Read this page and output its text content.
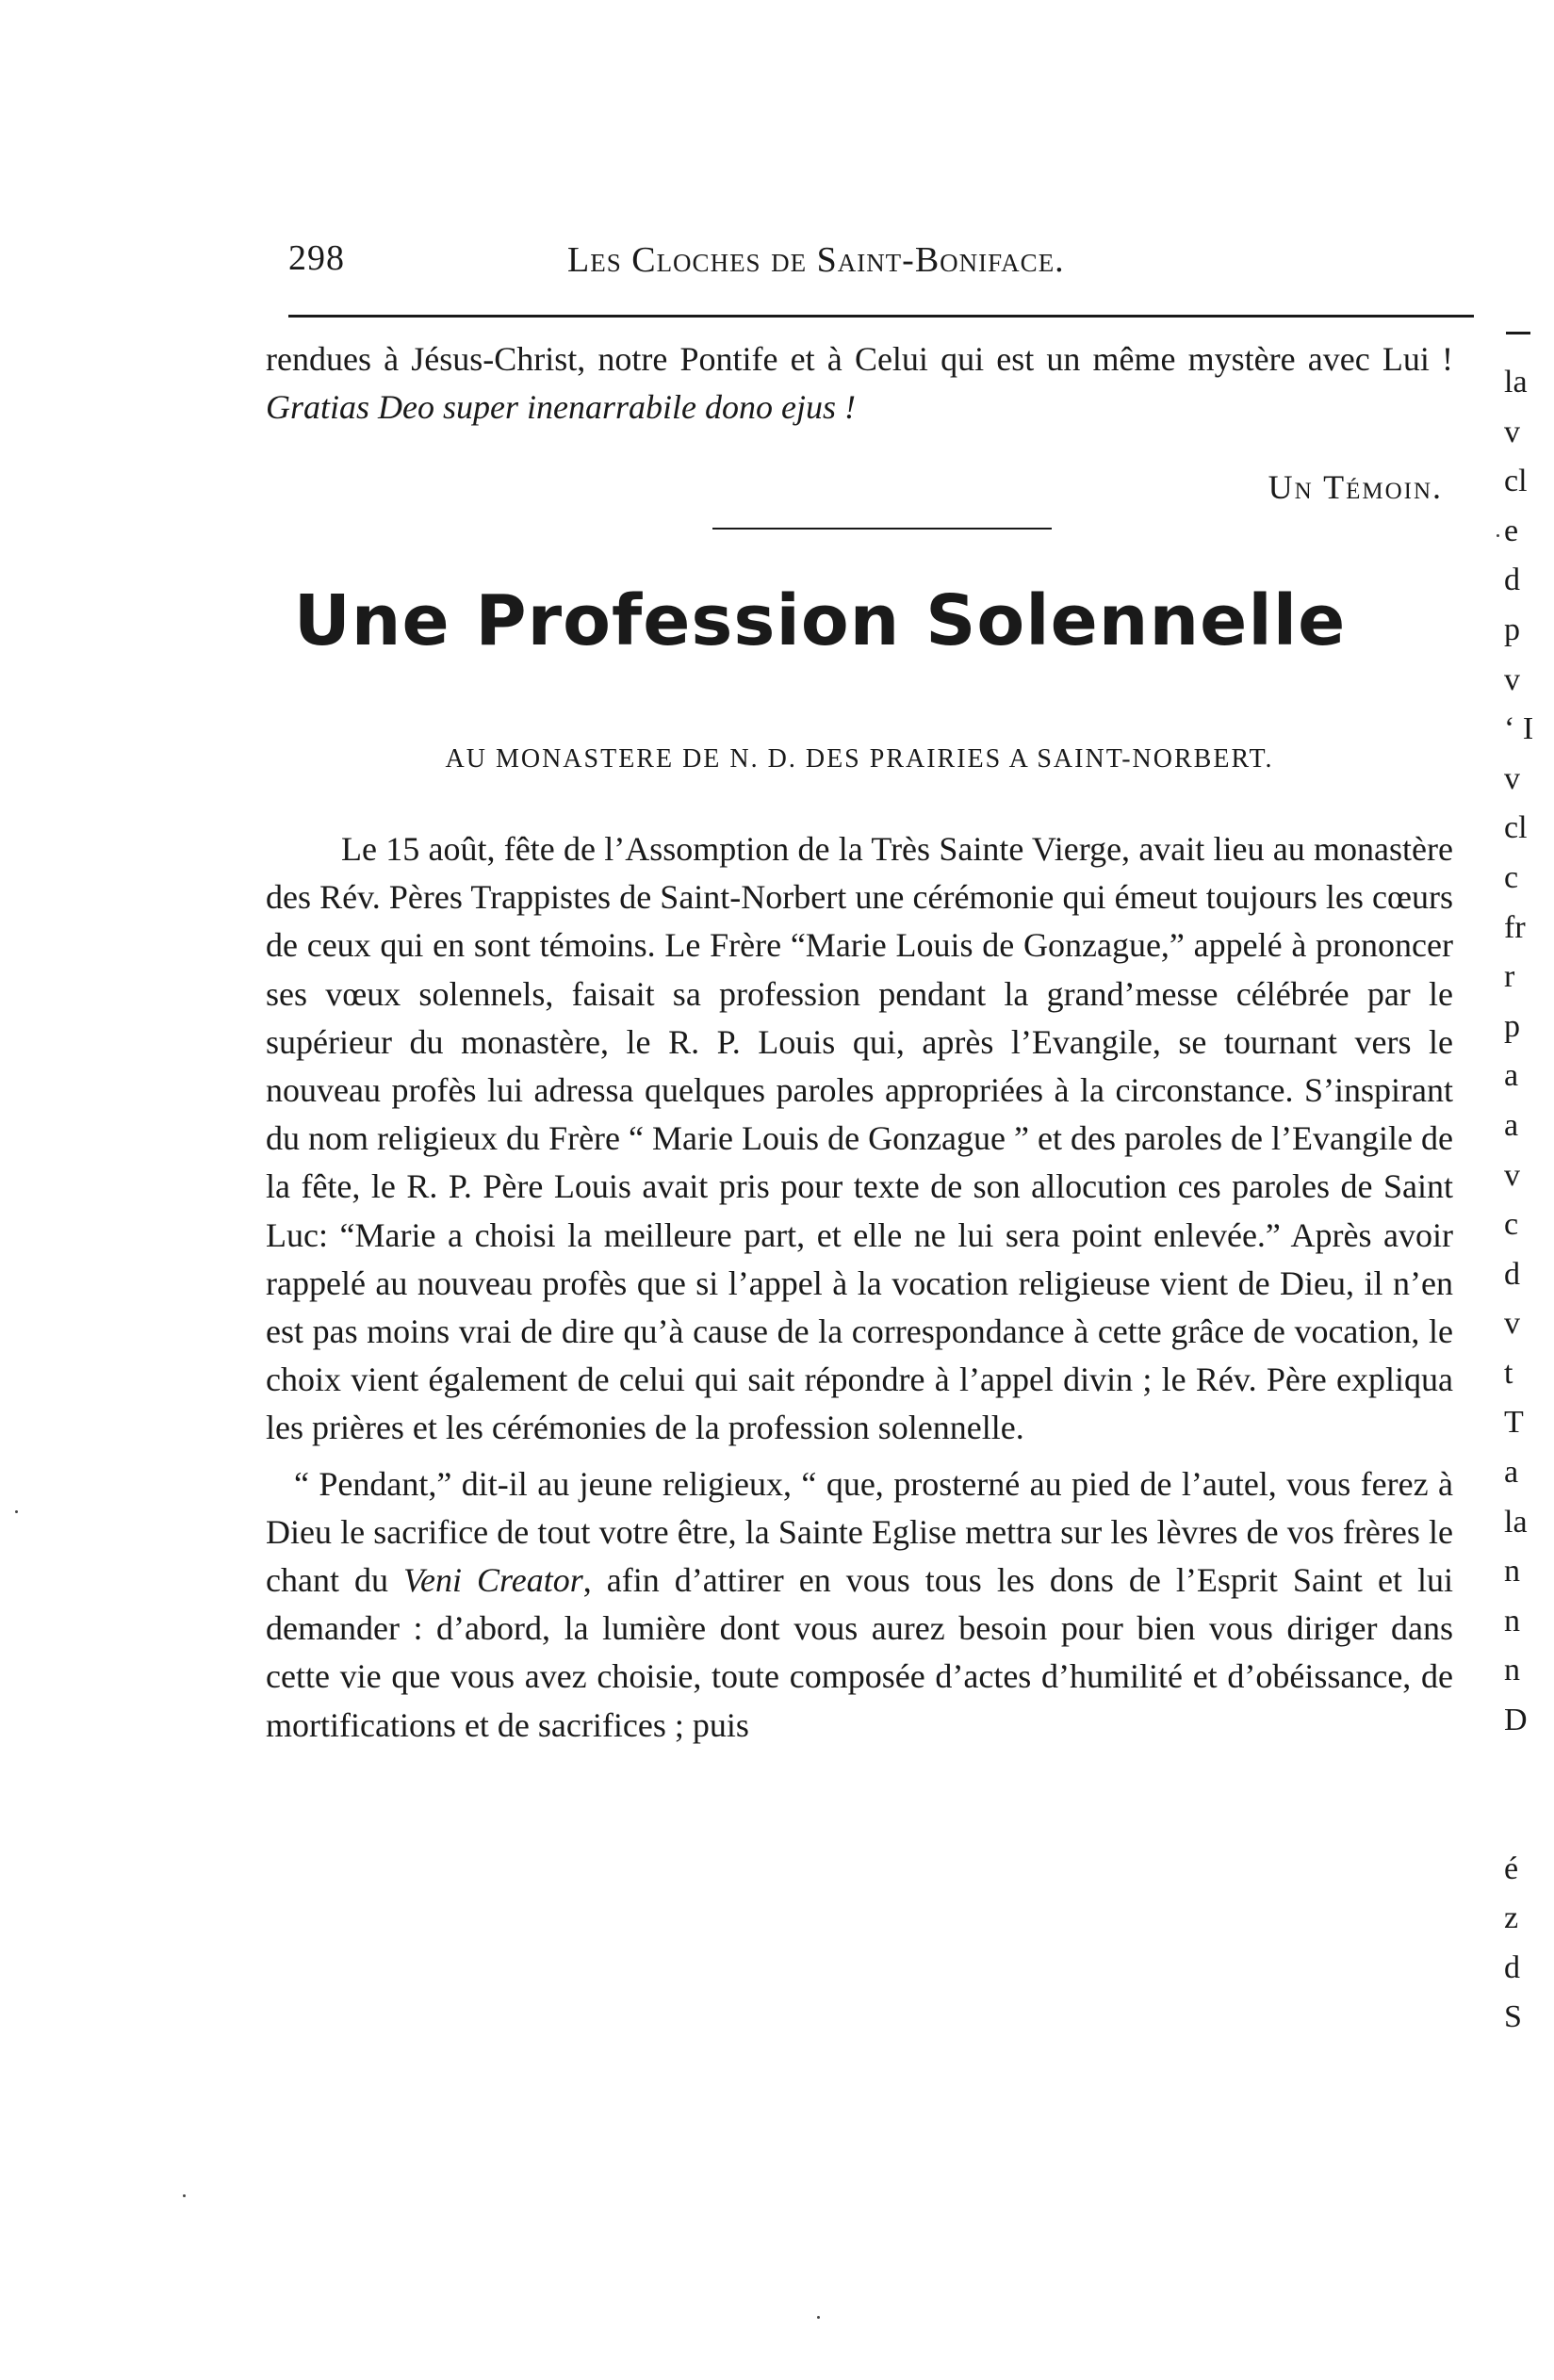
298	Les Cloches de Saint-Boniface.

rendues à Jésus-Christ, notre Pontife et à Celui qui est un même mystère avec Lui ! Gratias Deo super inenarrabile dono ejus !

Un Témoin.
Une Profession Solennelle
AU MONASTERE DE N. D. DES PRAIRIES A SAINT-NORBERT.

Le 15 août, fête de l’Assomption de la Très Sainte Vierge, avait lieu au monastère des Rév. Pères Trappistes de Saint-Norbert une cérémonie qui émeut toujours les cœurs de ceux qui en sont témoins. Le Frère “Marie Louis de Gonzague,” appelé à prononcer ses vœux solennels, faisait sa profession pendant la grand’messe célébrée par le supérieur du monastère, le R. P. Louis qui, après l’Evangile, se tournant vers le nouveau profès lui adressa quelques paroles appropriées à la circonstance. S’inspirant du nom religieux du Frère “ Marie Louis de Gonzague ” et des paroles de l’Evangile de la fête, le R. P. Père Louis avait pris pour texte de son allocution ces paroles de Saint Luc: “Marie a choisi la meilleure part, et elle ne lui sera point enlevée.” Après avoir rappelé au nouveau profès que si l’appel à la vocation religieuse vient de Dieu, il n’en est pas moins vrai de dire qu’à cause de la correspondance à cette grâce de vocation, le choix vient également de celui qui sait répondre à l’appel divin ; le Rév. Père expliqua les prières et les cérémonies de la profession solennelle.

“ Pendant,” dit-il au jeune religieux, “ que, prosterné au pied de l’autel, vous ferez à Dieu le sacrifice de tout votre être, la Sainte Eglise mettra sur les lèvres de vos frères le chant du Veni Creator, afin d’attirer en vous tous les dons de l’Esprit Saint et lui demander : d’abord, la lumière dont vous aurez besoin pour bien vous diriger dans cette vie que vous avez choisie, toute composée d’actes d’humilité et d’obéissance, de mortifications et de sacrifices ; puis

la
v
cl
e
d
p
v
‘ I
v
cl
c
fr
r
p
a
a
v
c
d
v
t
T
a
la
n
n
n
D
é
z
d
S
